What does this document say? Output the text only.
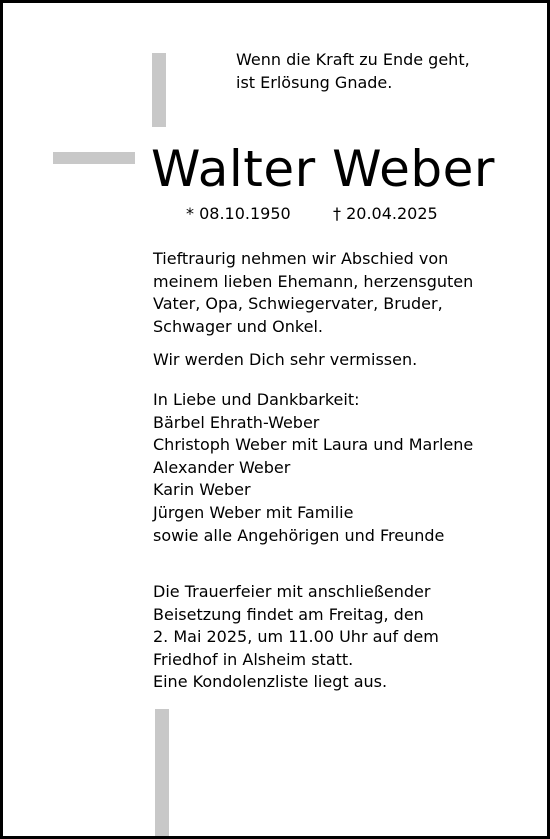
Wenn die Kraft zu Ende geht,
ist Erlösung Gnade.
Walter Weber
* 08.10.1950	† 20.04.2025
Tieftraurig nehmen wir Abschied von
meinem lieben Ehemann, herzensguten
Vater, Opa, Schwiegervater, Bruder,
Schwager und Onkel.
Wir werden Dich sehr vermissen.
In Liebe und Dankbarkeit:
Bärbel Ehrath-Weber
Christoph Weber mit Laura und Marlene
Alexander Weber
Karin Weber
Jürgen Weber mit Familie
sowie alle Angehörigen und Freunde
Die Trauerfeier mit anschließender
Beisetzung findet am Freitag, den
2. Mai 2025, um 11.00 Uhr auf dem
Friedhof in Alsheim statt.
Eine Kondolenzliste liegt aus.
